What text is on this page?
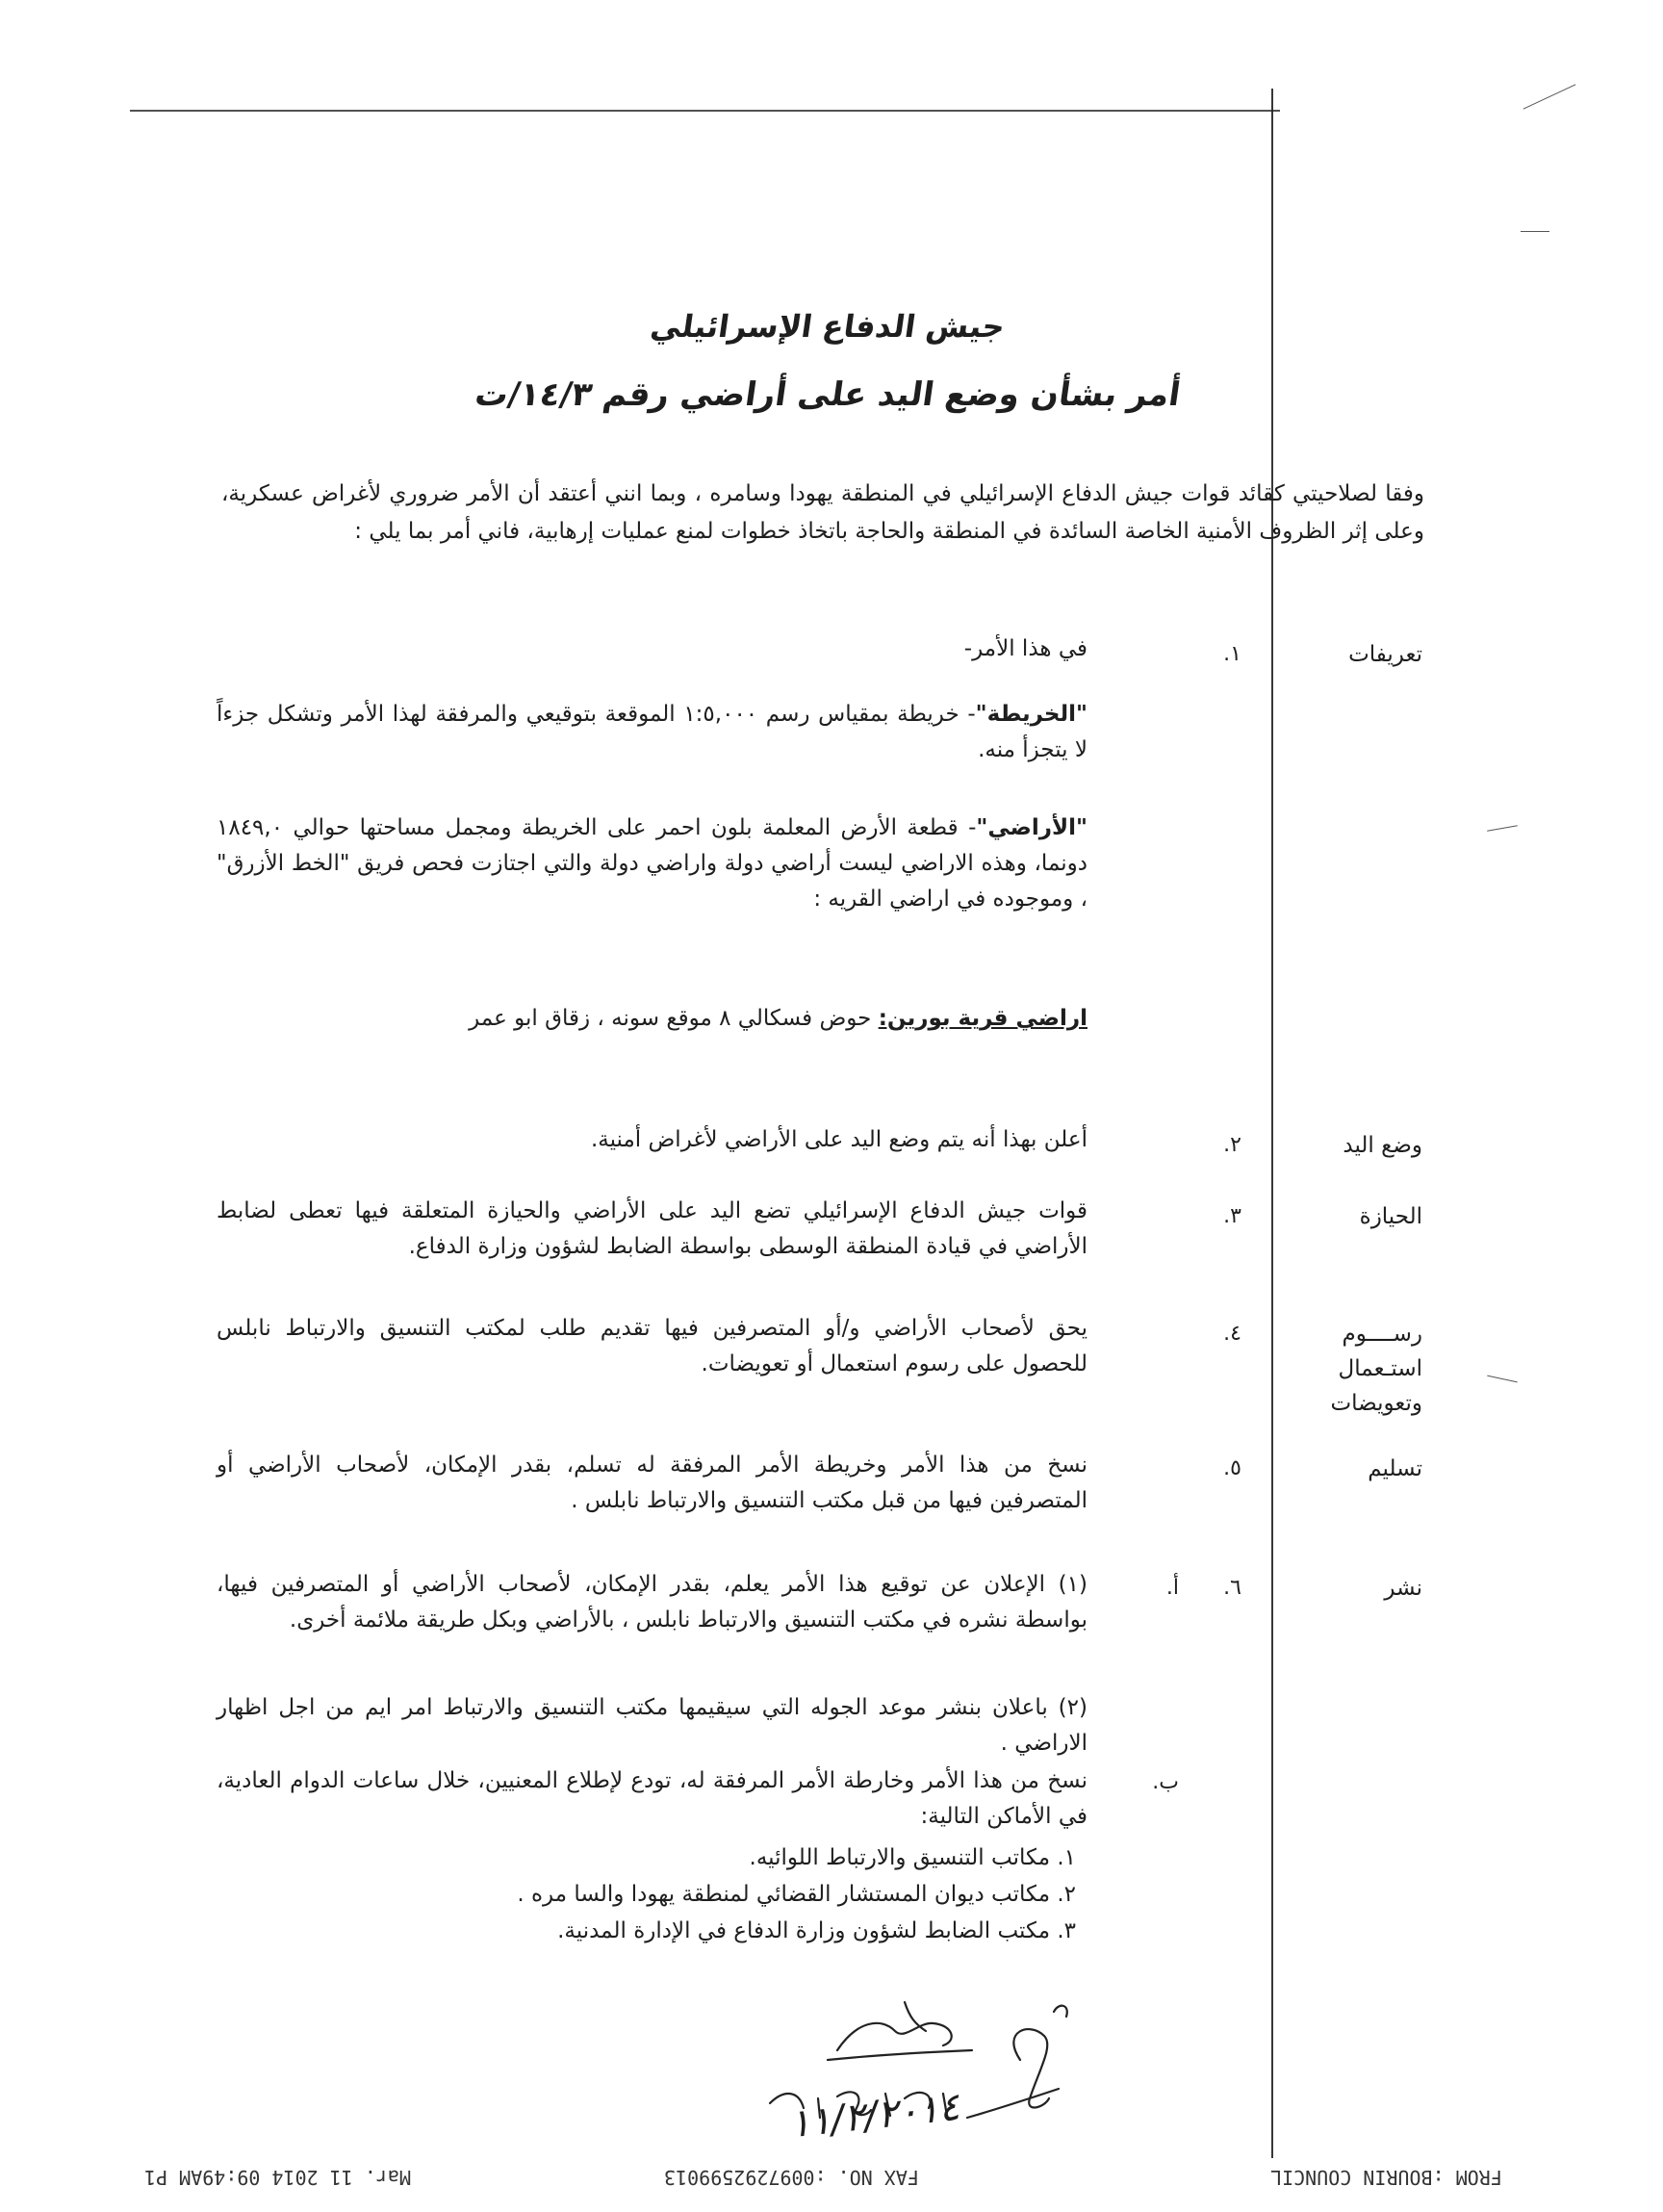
جيش الدفاع الإسرائيلي
أمر بشأن وضع اليد على أراضي رقم ١٤/٣/ت
وفقا لصلاحيتي كقائد قوات جيش الدفاع الإسرائيلي في المنطقة يهودا وسامره ، وبما انني أعتقد أن الأمر ضروري لأغراض عسكرية، وعلى إثر الظروف الأمنية الخاصة السائدة في المنطقة والحاجة باتخاذ خطوات لمنع عمليات إرهابية، فاني أمر بما يلي :
تعريفات
١.
في هذا الأمر-
"الخريطة"- خريطة بمقياس رسم ١:٥,٠٠٠ الموقعة بتوقيعي والمرفقة لهذا الأمر وتشكل جزءاً لا يتجزأ منه.
"الأراضي"- قطعة الأرض المعلمة بلون احمر على الخريطة ومجمل مساحتها حوالي ١٨٤٩,٠ دونما، وهذه الاراضي ليست أراضي دولة واراضي دولة والتي اجتازت فحص فريق "الخط الأزرق" ، وموجوده في اراضي القريه :
اراضي قرية بورين: حوض فسكالي ٨ موقع سونه ، زقاق ابو عمر
وضع اليد
٢.
أعلن بهذا أنه يتم وضع اليد على الأراضي لأغراض أمنية.
الحيازة
٣.
قوات جيش الدفاع الإسرائيلي تضع اليد على الأراضي والحيازة المتعلقة فيها تعطى لضابط الأراضي في قيادة المنطقة الوسطى بواسطة الضابط لشؤون وزارة الدفاع.
رســــوم استـعمال وتعويضات
٤.
يحق لأصحاب الأراضي و/أو المتصرفين فيها تقديم طلب لمكتب التنسيق والارتباط نابلس للحصول على رسوم استعمال أو تعويضات.
تسليم
٥.
نسخ من هذا الأمر وخريطة الأمر المرفقة له تسلم، بقدر الإمكان، لأصحاب الأراضي أو المتصرفين فيها من قبل مكتب التنسيق والارتباط نابلس .
نشر
٦.
أ.
(١) الإعلان عن توقيع هذا الأمر يعلم، بقدر الإمكان، لأصحاب الأراضي أو المتصرفين فيها، بواسطة نشره في مكتب التنسيق والارتباط نابلس ، بالأراضي وبكل طريقة ملائمة أخرى.
(٢) باعلان بنشر موعد الجوله التي سيقيمها مكتب التنسيق والارتباط امر ايم من اجل اظهار الاراضي .
ب.
نسخ من هذا الأمر وخارطة الأمر المرفقة له، تودع لإطلاع المعنيين، خلال ساعات الدوام العادية، في الأماكن التالية:
١. مكاتب التنسيق والارتباط اللوائيه.
٢. مكاتب ديوان المستشار القضائي لمنطقة يهودا والسا مره .
٣. مكتب الضابط لشؤون وزارة الدفاع في الإدارة المدنية.
١١/٢/٢٠١٤
Mar. 11 2014 09:49AM P1	FAX NO. :0097292599013	FROM :BOURIN COUNCIL
